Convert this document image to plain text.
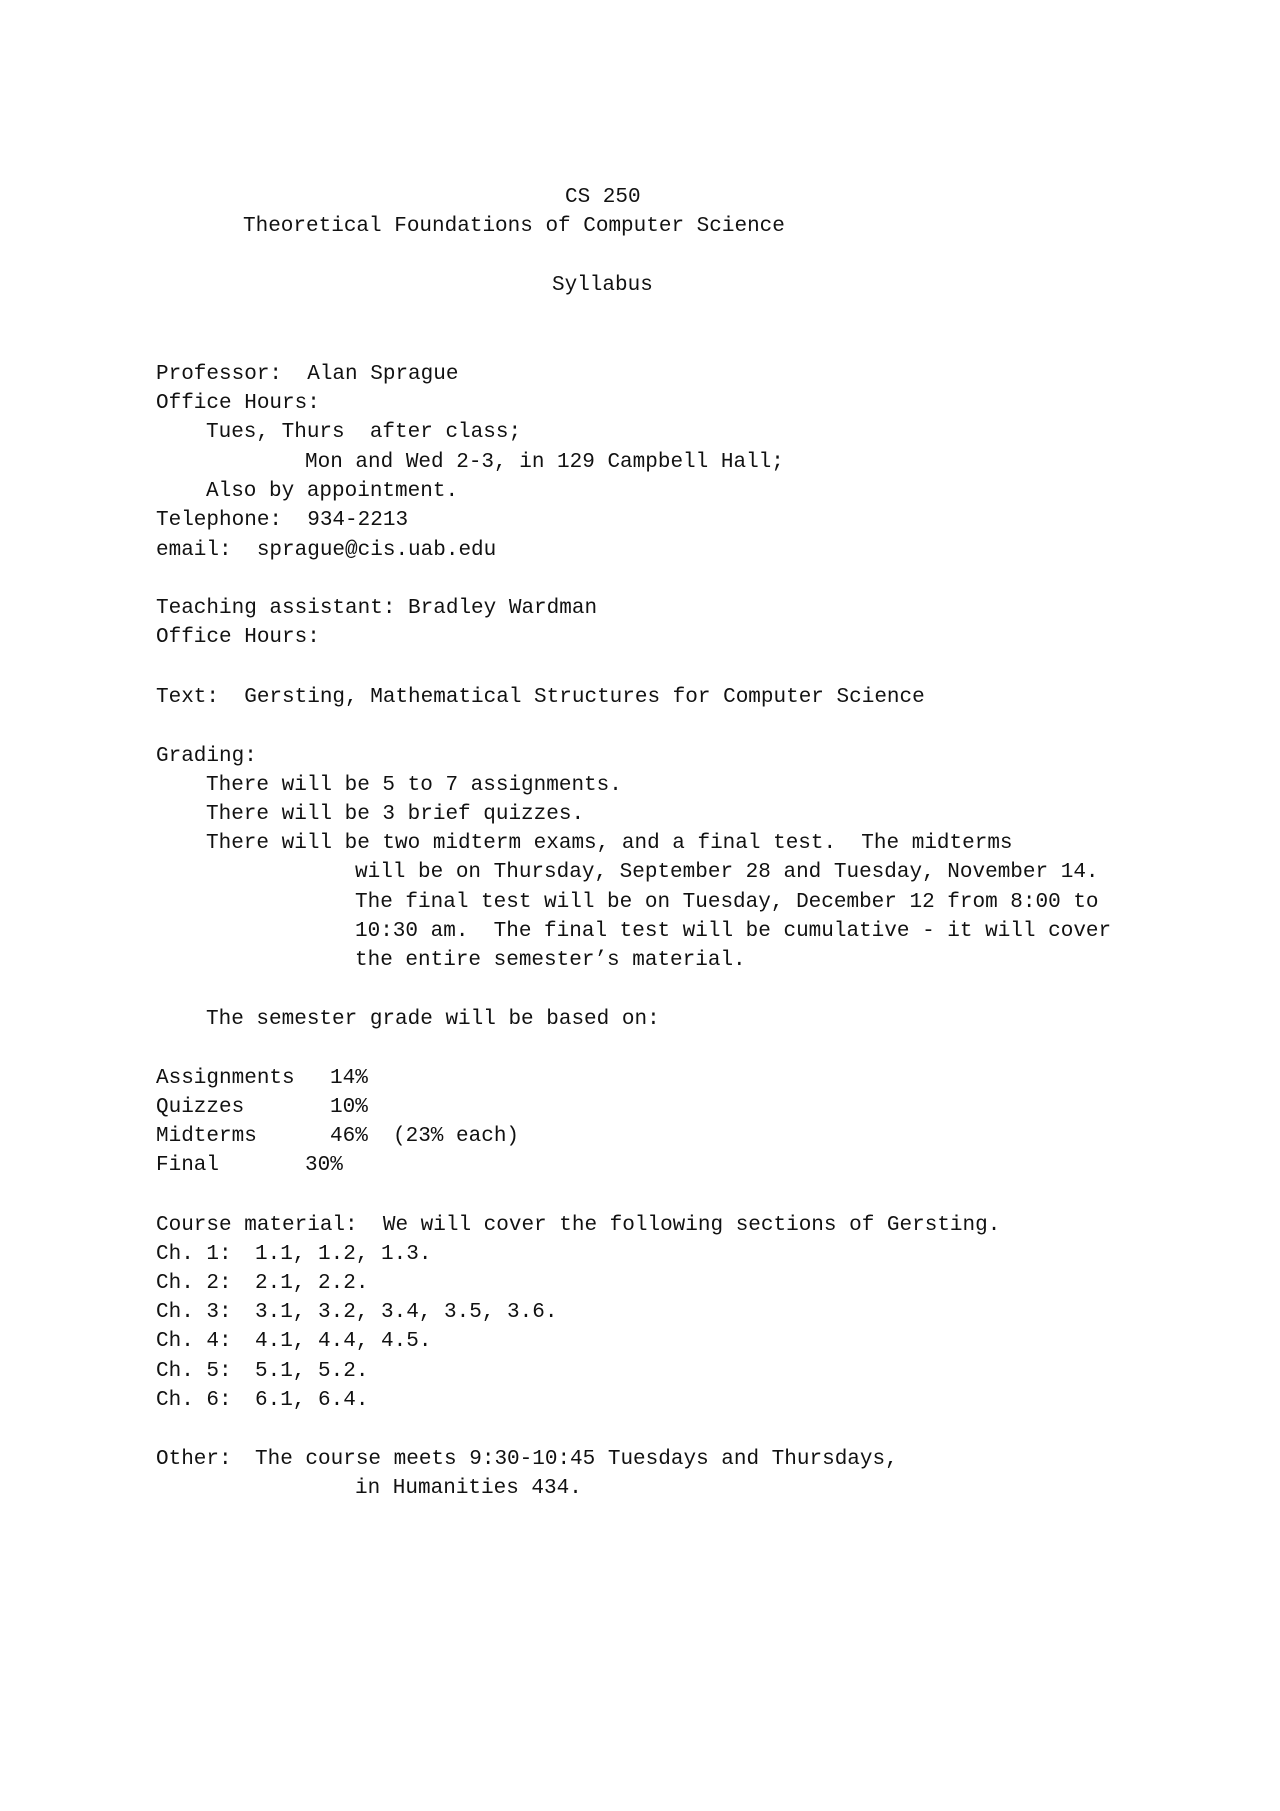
CS 250

Theoretical Foundations of Computer Science

Syllabus

Professor:  Alan Sprague

Office Hours:

Tues, Thurs  after class;

Mon and Wed 2-3, in 129 Campbell Hall;

Also by appointment.

Telephone:  934-2213

email:  sprague@cis.uab.edu

Teaching assistant: Bradley Wardman

Office Hours:

Text:  Gersting, Mathematical Structures for Computer Science

Grading:

There will be 5 to 7 assignments.

There will be 3 brief quizzes.

There will be two midterm exams, and a final test.  The midterms

will be on Thursday, September 28 and Tuesday, November 14.

The final test will be on Tuesday, December 12 from 8:00 to

10:30 am.  The final test will be cumulative - it will cover

the entire semester’s material.

The semester grade will be based on:

Assignments 14%

Quizzes	10%

Midterms	46% (23% each)

Final	30%

Course material:  We will cover the following sections of Gersting.

Ch. 1: 1.1, 1.2, 1.3.

Ch. 2: 2.1, 2.2.

Ch. 3: 3.1, 3.2, 3.4, 3.5, 3.6.

Ch. 4: 4.1, 4.4, 4.5.

Ch. 5: 5.1, 5.2.

Ch. 6: 6.1, 6.4.

Other: The course meets 9:30-10:45 Tuesdays and Thursdays,

in Humanities 434.
